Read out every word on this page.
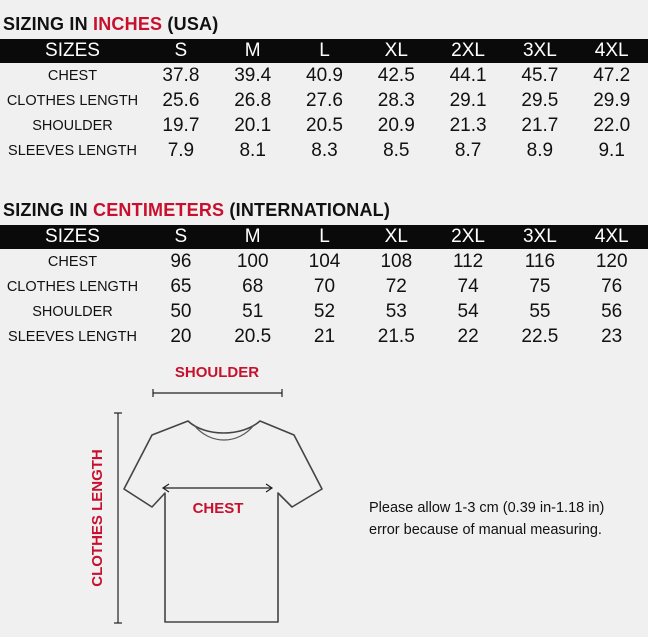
SIZING IN INCHES (USA)
SIZES	S	M	L	XL	2XL	3XL	4XL
CHEST	37.8	39.4	40.9	42.5	44.1	45.7	47.2
CLOTHES LENGTH	25.6	26.8	27.6	28.3	29.1	29.5	29.9
SHOULDER	19.7	20.1	20.5	20.9	21.3	21.7	22.0
SLEEVES LENGTH	7.9	8.1	8.3	8.5	8.7	8.9	9.1
SIZING IN CENTIMETERS (INTERNATIONAL)
SIZES	S	M	L	XL	2XL	3XL	4XL
CHEST	96	100	104	108	112	116	120
CLOTHES LENGTH	65	68	70	72	74	75	76
SHOULDER	50	51	52	53	54	55	56
SLEEVES LENGTH	20	20.5	21	21.5	22	22.5	23
SHOULDER
CLOTHES LENGTH	CHEST	Please allow 1-3 cm (0.39 in-1.18 in)
error because of manual measuring.
